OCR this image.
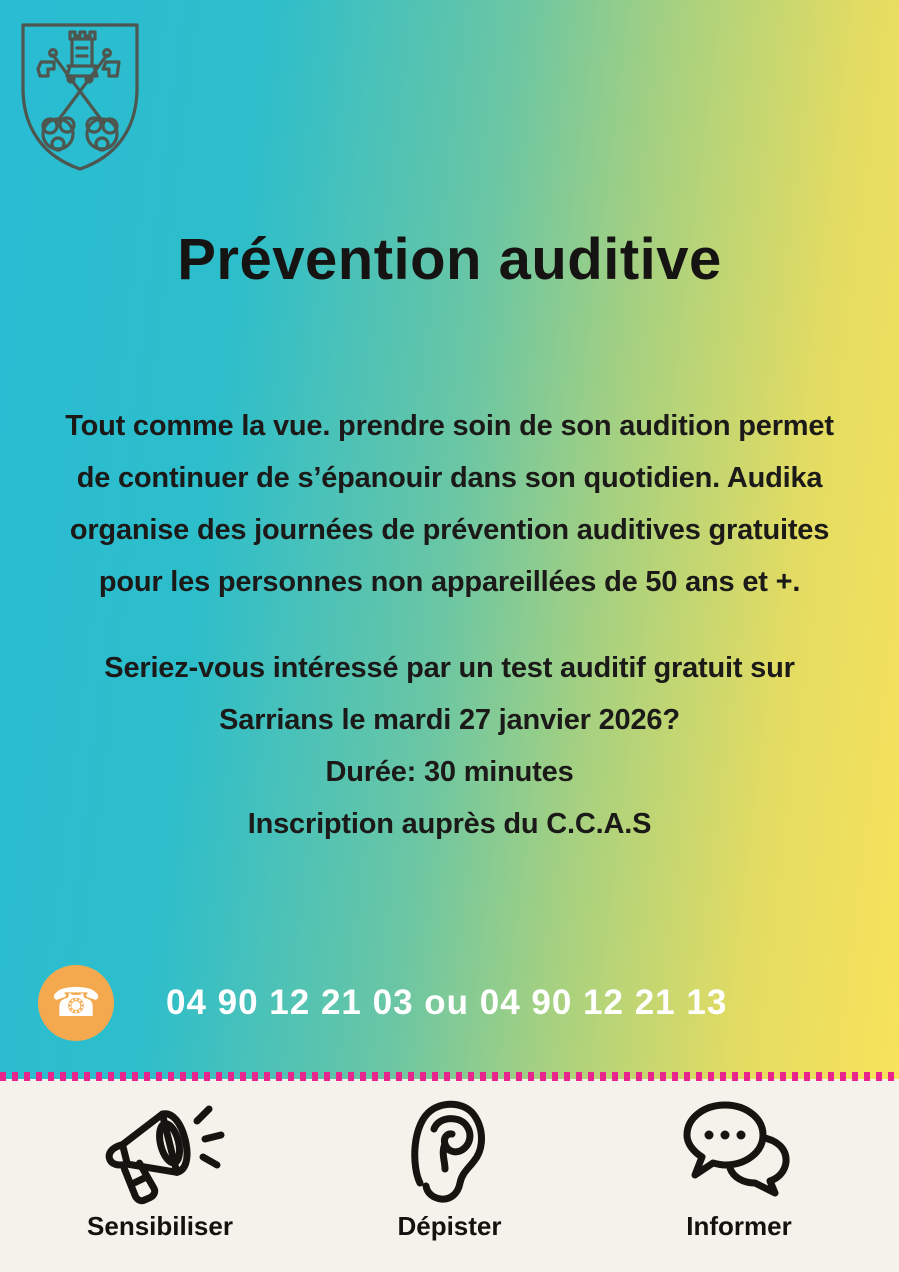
Prévention auditive
Tout comme la vue. prendre soin de son audition permet
de continuer de s’épanouir dans son quotidien. Audika
organise des journées de prévention auditives gratuites
pour les personnes non appareillées de 50 ans et +.
Seriez-vous intéressé par un test auditif gratuit sur
Sarrians le mardi 27 janvier 2026?
Durée: 30 minutes
Inscription auprès du C.C.A.S
☎	04 90 12 21 03 ou 04 90 12 21 13
Sensibiliser	Dépister	Informer
